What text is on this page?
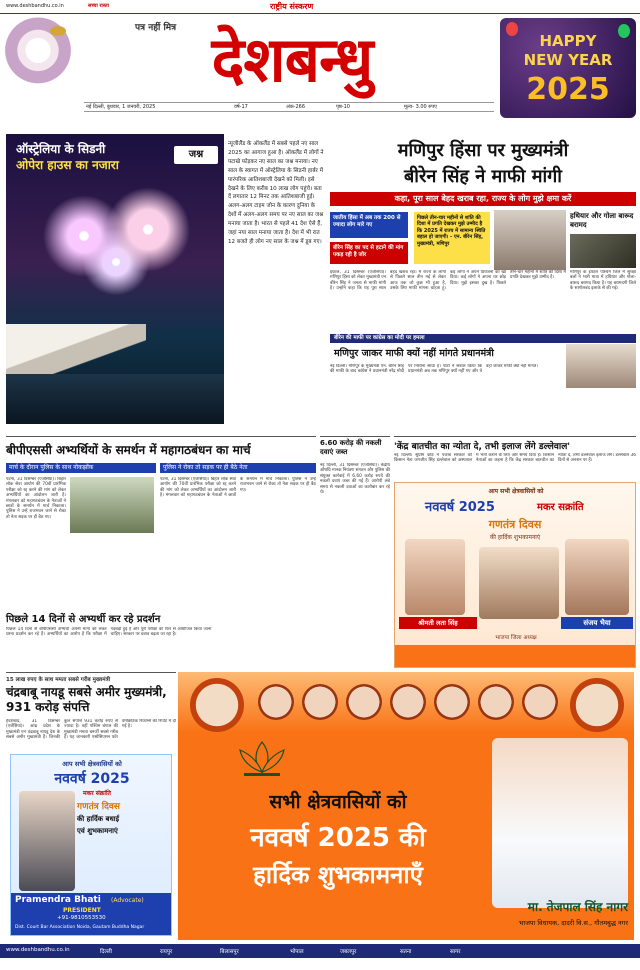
www.deshbandhu.co.in	सच्चा रास्ता	राष्ट्रीय संस्करण
पत्र नहीं मित्र देशबन्धु	HAPPY
NEW YEAR
2025
नई दिल्ली, बुधवार, 1 जनवरी, 2025	वर्ष-17	अंक-266	पृष्ठ-10	मूल्य- 3.00 रुपए
ऑस्ट्रेलिया के सिडनी
ओपेरा हाउस का नजारा
जश्न
न्यूजीलैंड के ऑकलैंड में सबसे पहले नए साल 2025 का आगाज हुआ है। ऑकलैंड में लोगों ने पटाखे फोड़कर नए साल का जश्न मनाया। नए साल के स्वागत में ऑस्ट्रेलिया के सिडनी हार्बर में पारंपरिक आतिशबाजी देखने को मिली। इसे देखने के लिए करीब 10 लाख लोग पहुंचे। बता दें लगातार 12 मिनट तक आतिशबाजी हुई। अलग-अलग टाइम जोन के कारण दुनिया के देशों में अलग-अलग समय पर नए साल का जश्न मनाया जाता है। भारत से पहले 41 देश ऐसे हैं, जहां नया साल मनाया जाता है। देश में भी रात 12 बजते ही लोग नए साल के जश्न में डूब गए।
मणिपुर हिंसा पर मुख्यमंत्री
बीरेन सिंह ने माफी मांगी
कहा, पूरा साल बेहद खराब रहा, राज्य के लोग मुझे क्षमा करें
जातीय हिंसा में अब तक 200 से ज्यादा लोग मारे गए
बीरेन सिंह का पद से हटाने की मांग पकड़ रही है जोर
पिछले तीन-चार महीनों से शांति की दिशा में प्रगति देखकर मुझे उम्मीद है कि 2025 में राज्य में सामान्य स्थिति बहाल हो जाएगी। - एन. बीरेन सिंह, मुख्यमंत्री, मणिपुर
हथियार और गोला बारूद बरामद
मणिपुर के इंफाल पश्चिम जिले में सुरक्षा बलों ने भारी मात्रा में हथियार और गोला-बारूद बरामद किया है। यह बरामदगी जिले के सागोलबंद इलाके से की गई।
इंफाल, 31 दिसम्बर (एजेंसियां)। मणिपुर हिंसा को लेकर मुख्यमंत्री एन बीरेन सिंह ने जनता से माफी मांगी है। उन्होंने कहा कि यह पूरा साल बेहद खराब रहा। मैं राज्य के लोगों से पिछले साल तीन मई से लेकर आज तक जो कुछ भी हुआ है, उसके लिए माफी मांगना चाहता हूं। कई लोगों ने अपने प्रियजनों को खो दिया। कई लोगों ने अपना घर छोड़ दिया। मुझे इसका दुख है। पिछले तीन-चार महीनों में शांति की दिशा में प्रगति देखकर मुझे उम्मीद है।
बीरेन की माफी पर कांग्रेस का मोदी पर हमला
मणिपुर जाकर माफी क्यों नहीं मांगते प्रधानमंत्री
नई दिल्ली। मणिपुर के मुख्यमंत्री एन. बीरेन सिंह की माफी के बाद कांग्रेस ने प्रधानमंत्री नरेंद्र मोदी पर निशाना साधा है। पार्टी ने सवाल किया कि प्रधानमंत्री अब तक मणिपुर क्यों नहीं गए और वे वहां जाकर माफी क्यों नहीं मांगते।
बीपीएससी अभ्यर्थियों के समर्थन में महागठबंधन का मार्च
मार्च के दौरान पुलिस के साथ नोकझोंक	पुलिस ने रोका तो सड़क पर ही बैठे नेता
पटना, 31 दिसम्बर (एजेंसियां)। बिहार लोक सेवा आयोग की 70वीं प्रारंभिक परीक्षा को रद्द करने की मांग को लेकर अभ्यर्थियों का आंदोलन जारी है। मंगलवार को महागठबंधन के नेताओं ने छात्रों के समर्थन में मार्च निकाला। पुलिस ने उन्हें राजभवन जाने से रोका तो नेता सड़क पर ही बैठ गए।
पटना, 31 दिसम्बर (एजेंसियां)। बिहार लोक सेवा आयोग की 70वीं प्रारंभिक परीक्षा को रद्द करने की मांग को लेकर अभ्यर्थियों का आंदोलन जारी है। मंगलवार को महागठबंधन के नेताओं ने छात्रों के समर्थन में मार्च निकाला। पुलिस ने उन्हें राजभवन जाने से रोका तो नेता सड़क पर ही बैठ गए।
पिछले 14 दिनों से अभ्यर्थी कर रहे प्रदर्शन
पिछले 14 दिनों से बीपीएससी अभ्यर्थी अपनी मांगों को लेकर धरना प्रदर्शन कर रहे हैं। अभ्यर्थियों का आरोप है कि परीक्षा में गड़बड़ी हुई है और पूरी परीक्षा को फिर से आयोजित किया जाना चाहिए। सरकार पर दबाव बढ़ता जा रहा है।
6.60 करोड़ की नकली दवाएं जब्त
नई दिल्ली, 31 दिसम्बर (एजेंसियां)। केंद्रीय औषधि मानक नियंत्रण संगठन और पुलिस की संयुक्त कार्रवाई में 6.60 करोड़ रुपये की नकली दवाएं जब्त की गई हैं। आरोपी लंबे समय से नकली दवाओं का कारोबार कर रहे थे।
'केंद्र बातचीत का न्योता दे, तभी इलाज लेंगे डल्लेवाल'
नई दिल्ली। सुप्रीम कोर्ट ने पंजाब सरकार को किसान नेता जगजीत सिंह डल्लेवाल को अस्पताल में भर्ती कराने के लिए और समय दिया है। किसान नेताओं का कहना है कि केंद्र सरकार बातचीत का न्योता दे, तभी डल्लेवाल इलाज लेंगे। डल्लेवाल 36 दिनों से अनशन पर हैं।
आप सभी क्षेत्रवासियों को
नववर्ष 2025	मकर सक्रांति
गणतंत्र दिवस
की हार्दिक शुभकामनाएं
श्रीमती लता सिंह	संजय भैया
भाजपा जिला अध्यक्ष
15 लाख रुपए के साथ ममता सबसे गरीब मुख्यमंत्री
चंद्रबाबू नायडू सबसे अमीर मुख्यमंत्री, 931 करोड़ संपत्ति
हैदराबाद, 31 दिसम्बर (एजेंसियां)। आंध्र प्रदेश के मुख्यमंत्री एन चंद्रबाबू नायडू देश के सबसे अमीर मुख्यमंत्री हैं। जिनकी कुल संपत्ति 931 करोड़ रुपए से ज्यादा है। वहीं पश्चिम बंगाल की मुख्यमंत्री ममता बनर्जी सबसे गरीब हैं। यह जानकारी एसोसिएशन फॉर डेमोक्रेटिक रिफॉर्म्स की रिपोर्ट में दी गई है।
आप सभी क्षेत्रवासियों को
नववर्ष 2025
मकर संक्रांति
गणतंत्र दिवस
की हार्दिक बधाई
एवं शुभकामनाएं
Pramendra Bhati (Advocate)
PRESIDENT
+91-9810553530
Dist. Court Bar Association Noida, Gautam Buddha Nagar
सभी क्षेत्रवासियों को
नववर्ष 2025 की
हार्दिक शुभकामनाएँ
मा. तेजपाल सिंह नागर
भाजपा विधायक, दादरी वि.स., गौतमबुद्ध नगर
www.deshbandhu.co.in	दिल्ली	रायपुर	बिलासपुर	भोपाल	जबलपुर	सतना	सागर
